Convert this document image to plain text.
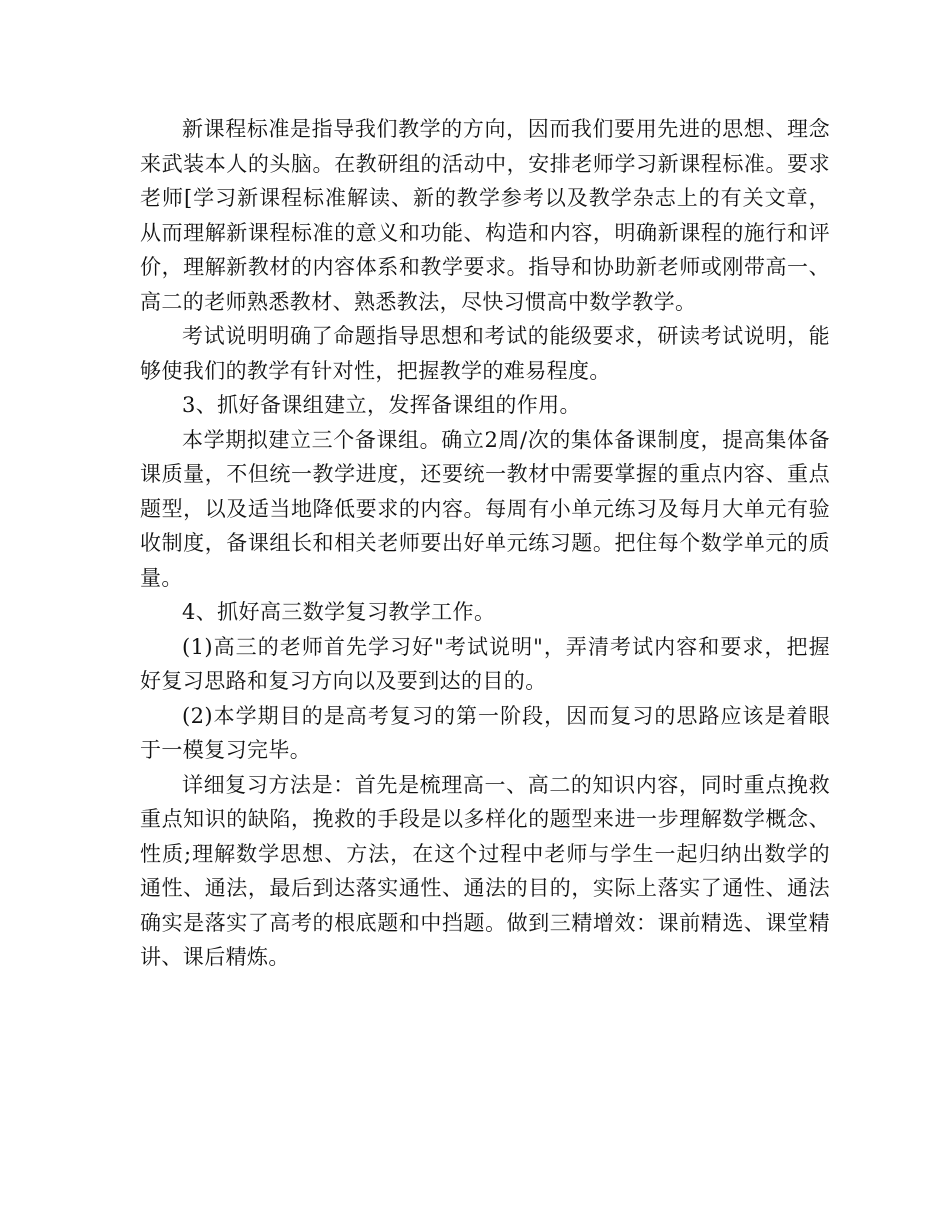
新课程标准是指导我们教学的方向，因而我们要用先进的思想、理念来武装本人的头脑。在教研组的活动中，安排老师学习新课程标准。要求老师[学习新课程标准解读、新的教学参考以及教学杂志上的有关文章，从而理解新课程标准的意义和功能、构造和内容，明确新课程的施行和评价，理解新教材的内容体系和教学要求。指导和协助新老师或刚带高一、高二的老师熟悉教材、熟悉教法，尽快习惯高中数学教学。

考试说明明确了命题指导思想和考试的能级要求，研读考试说明，能够使我们的教学有针对性，把握教学的难易程度。

3、抓好备课组建立，发挥备课组的作用。

本学期拟建立三个备课组。确立2周/次的集体备课制度，提高集体备课质量，不但统一教学进度，还要统一教材中需要掌握的重点内容、重点题型，以及适当地降低要求的内容。每周有小单元练习及每月大单元有验收制度，备课组长和相关老师要出好单元练习题。把住每个数学单元的质量。

4、抓好高三数学复习教学工作。

(1)高三的老师首先学习好"考试说明"，弄清考试内容和要求，把握好复习思路和复习方向以及要到达的目的。

(2)本学期目的是高考复习的第一阶段，因而复习的思路应该是着眼于一模复习完毕。

详细复习方法是：首先是梳理高一、高二的知识内容，同时重点挽救重点知识的缺陷，挽救的手段是以多样化的题型来进一步理解数学概念、性质;理解数学思想、方法，在这个过程中老师与学生一起归纳出数学的通性、通法，最后到达落实通性、通法的目的，实际上落实了通性、通法确实是落实了高考的根底题和中挡题。做到三精增效：课前精选、课堂精讲、课后精炼。
